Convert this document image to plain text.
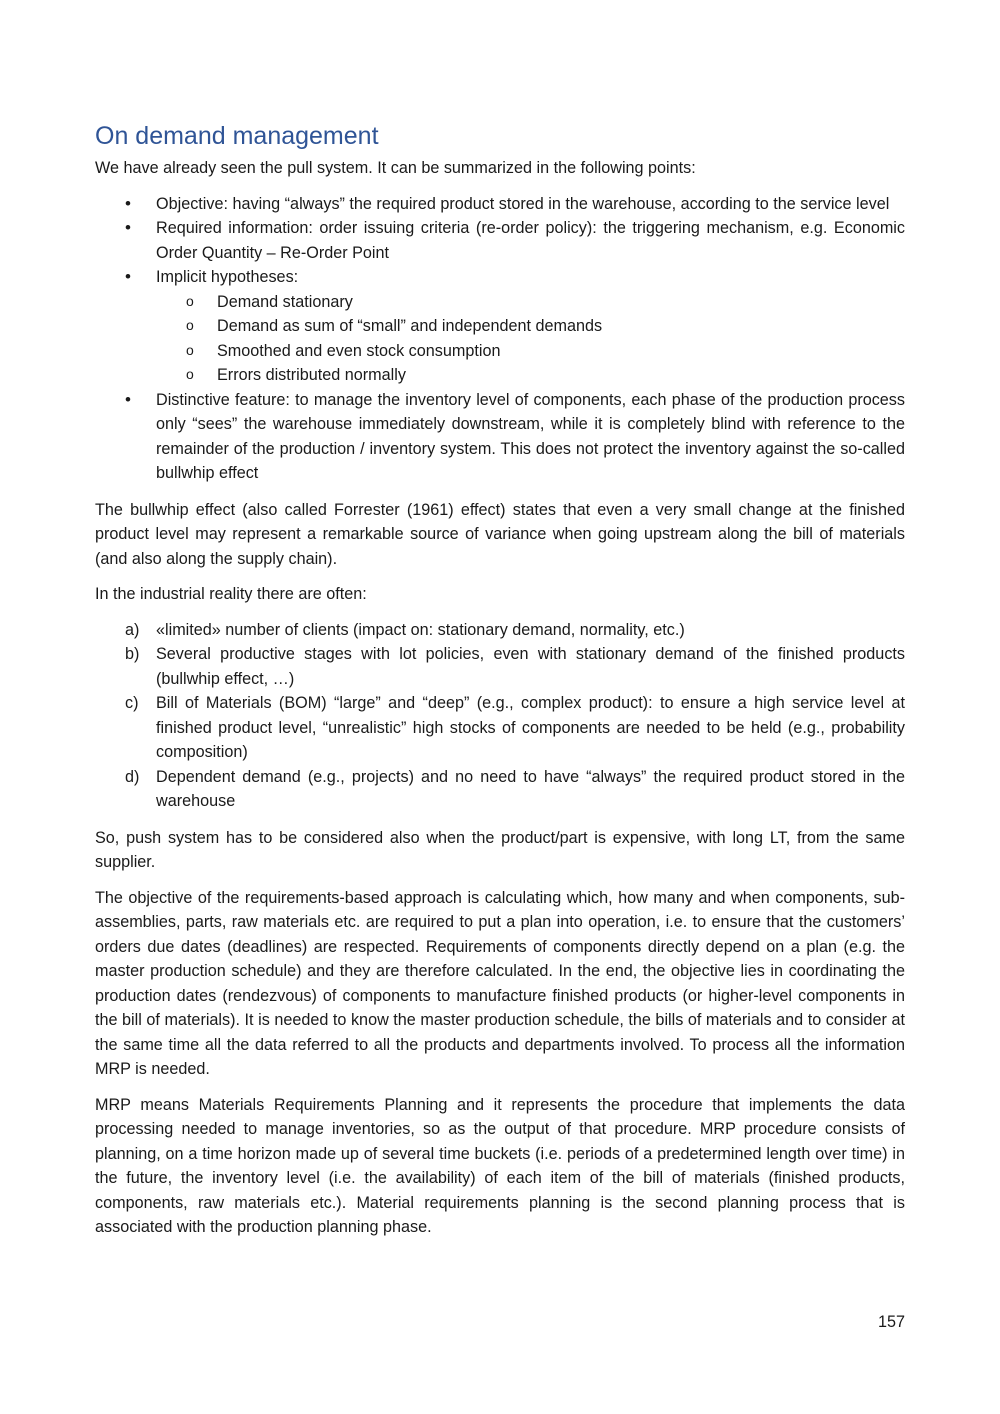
On demand management

We have already seen the pull system. It can be summarized in the following points:

• Objective: having “always” the required product stored in the warehouse, according to the service level
• Required information: order issuing criteria (re-order policy): the triggering mechanism, e.g. Economic Order Quantity – Re-Order Point
• Implicit hypotheses:
o Demand stationary
o Demand as sum of “small” and independent demands
o Smoothed and even stock consumption
o Errors distributed normally
• Distinctive feature: to manage the inventory level of components, each phase of the production process only “sees” the warehouse immediately downstream, while it is completely blind with reference to the remainder of the production / inventory system. This does not protect the inventory against the so-called bullwhip effect

The bullwhip effect (also called Forrester (1961) effect) states that even a very small change at the finished product level may represent a remarkable source of variance when going upstream along the bill of materials (and also along the supply chain).

In the industrial reality there are often:

a) «limited» number of clients (impact on: stationary demand, normality, etc.)
b) Several productive stages with lot policies, even with stationary demand of the finished products (bullwhip effect, …)
c) Bill of Materials (BOM) “large” and “deep” (e.g., complex product): to ensure a high service level at finished product level, “unrealistic” high stocks of components are needed to be held (e.g., probability composition)
d) Dependent demand (e.g., projects) and no need to have “always” the required product stored in the warehouse

So, push system has to be considered also when the product/part is expensive, with long LT, from the same supplier.

The objective of the requirements-based approach is calculating which, how many and when components, sub-assemblies, parts, raw materials etc. are required to put a plan into operation, i.e. to ensure that the customers’ orders due dates (deadlines) are respected. Requirements of components directly depend on a plan (e.g. the master production schedule) and they are therefore calculated. In the end, the objective lies in coordinating the production dates (rendezvous) of components to manufacture finished products (or higher-level components in the bill of materials). It is needed to know the master production schedule, the bills of materials and to consider at the same time all the data referred to all the products and departments involved. To process all the information MRP is needed.

MRP means Materials Requirements Planning and it represents the procedure that implements the data processing needed to manage inventories, so as the output of that procedure. MRP procedure consists of planning, on a time horizon made up of several time buckets (i.e. periods of a predetermined length over time) in the future, the inventory level (i.e. the availability) of each item of the bill of materials (finished products, components, raw materials etc.). Material requirements planning is the second planning process that is associated with the production planning phase.

157
